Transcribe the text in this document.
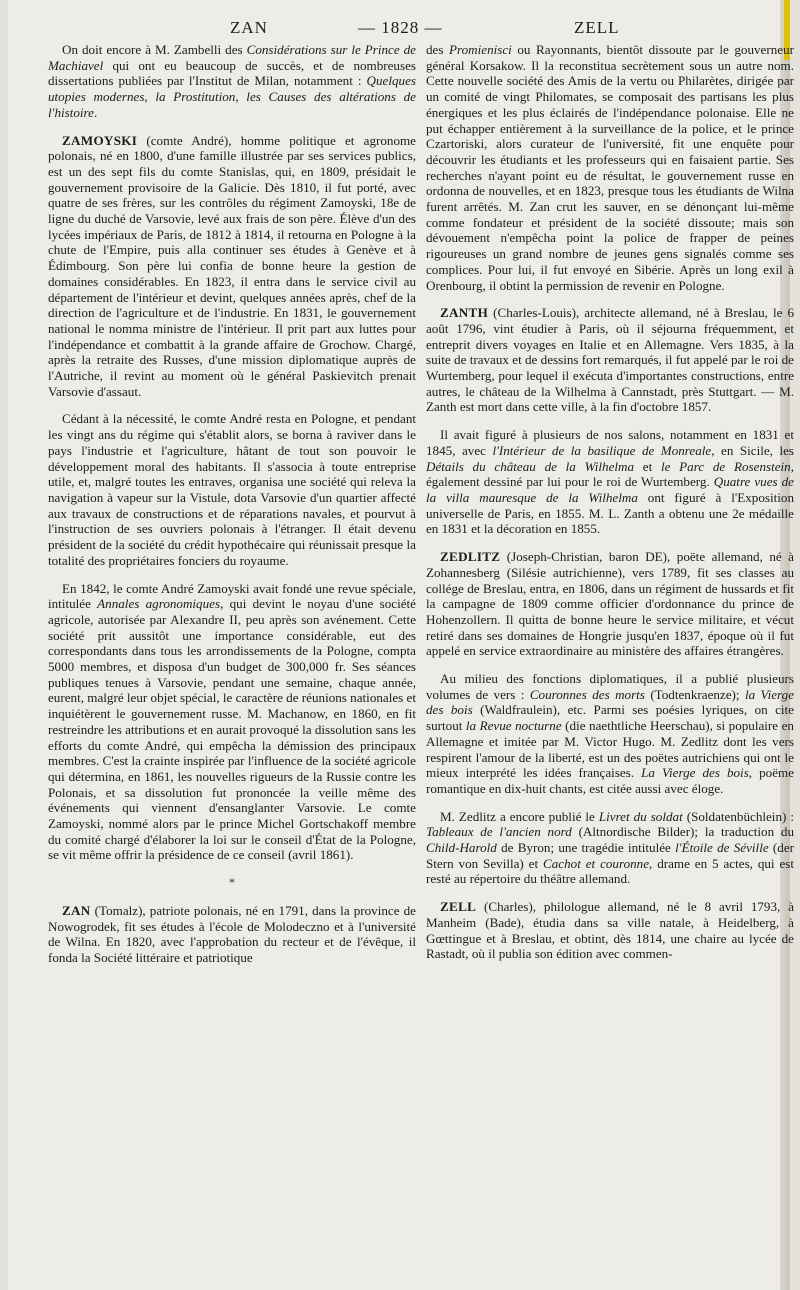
ZAN	— 1828 —	ZELL

On doit encore à M. Zambelli des Considérations sur le Prince de Machiavel qui ont eu beaucoup de succès, et de nombreuses dissertations publiées par l'Institut de Milan, notamment : Quelques utopies modernes, la Prostitution, les Causes des altérations de l'histoire.

ZAMOYSKI (comte André), homme politique et agronome polonais, né en 1800, d'une famille illustrée par ses services publics, est un des sept fils du comte Stanislas, qui, en 1809, présidait le gouvernement provisoire de la Galicie. Dès 1810, il fut porté, avec quatre de ses frères, sur les contrôles du régiment Zamoyski, 18e de ligne du duché de Varsovie, levé aux frais de son père. Élève d'un des lycées impériaux de Paris, de 1812 à 1814, il retourna en Pologne à la chute de l'Empire, puis alla continuer ses études à Genève et à Édimbourg. Son père lui confia de bonne heure la gestion de domaines considérables. En 1823, il entra dans le service civil au département de l'intérieur et devint, quelques années après, chef de la direction de l'agriculture et de l'industrie. En 1831, le gouvernement national le nomma ministre de l'intérieur. Il prit part aux luttes pour l'indépendance et combattit à la grande affaire de Grochow. Chargé, après la retraite des Russes, d'une mission diplomatique auprès de l'Autriche, il revint au moment où le général Paskievitch prenait Varsovie d'assaut.

Cédant à la nécessité, le comte André resta en Pologne, et pendant les vingt ans du régime qui s'établit alors, se borna à raviver dans le pays l'industrie et l'agriculture, hâtant de tout son pouvoir le développement moral des habitants. Il s'associa à toute entreprise utile, et, malgré toutes les entraves, organisa une société qui releva la navigation à vapeur sur la Vistule, dota Varsovie d'un quartier affecté aux travaux de constructions et de réparations navales, et pourvut à l'instruction de ses ouvriers polonais à l'étranger. Il était devenu président de la société du crédit hypothécaire qui réunissait presque la totalité des propriétaires fonciers du royaume.

En 1842, le comte André Zamoyski avait fondé une revue spéciale, intitulée Annales agronomiques, qui devint le noyau d'une société agricole, autorisée par Alexandre II, peu après son avénement. Cette société prit aussitôt une importance considérable, eut des correspondants dans tous les arrondissements de la Pologne, compta 5000 membres, et disposa d'un budget de 300,000 fr. Ses séances publiques tenues à Varsovie, pendant une semaine, chaque année, eurent, malgré leur objet spécial, le caractère de réunions nationales et inquiétèrent le gouvernement russe. M. Machanow, en 1860, en fit restreindre les attributions et en aurait provoqué la dissolution sans les efforts du comte André, qui empêcha la démission des principaux membres. C'est la crainte inspirée par l'influence de la société agricole qui détermina, en 1861, les nouvelles rigueurs de la Russie contre les Polonais, et sa dissolution fut prononcée la veille même des événements qui viennent d'ensanglanter Varsovie. Le comte Zamoyski, nommé alors par le prince Michel Gortschakoff membre du comité chargé d'élaborer la loi sur le conseil d'État de la Pologne, se vit même offrir la présidence de ce conseil (avril 1861).

*

ZAN (Tomalz), patriote polonais, né en 1791, dans la province de Nowogrodek, fit ses études à l'école de Molodeczno et à l'université de Wilna. En 1820, avec l'approbation du recteur et de l'évêque, il fonda la Société littéraire et patriotique

des Promienisci ou Rayonnants, bientôt dissoute par le gouverneur général Korsakow. Il la reconstitua secrètement sous un autre nom. Cette nouvelle société des Amis de la vertu ou Philarètes, dirigée par un comité de vingt Philomates, se composait des partisans les plus énergiques et les plus éclairés de l'indépendance polonaise. Elle ne put échapper entièrement à la surveillance de la police, et le prince Czartoriski, alors curateur de l'université, fit une enquête pour découvrir les étudiants et les professeurs qui en faisaient partie. Ses recherches n'ayant point eu de résultat, le gouvernement russe en ordonna de nouvelles, et en 1823, presque tous les étudiants de Wilna furent arrêtés. M. Zan crut les sauver, en se dénonçant lui-même comme fondateur et président de la société dissoute; mais son dévouement n'empêcha point la police de frapper de peines rigoureuses un grand nombre de jeunes gens signalés comme ses complices. Pour lui, il fut envoyé en Sibérie. Après un long exil à Orenbourg, il obtint la permission de revenir en Pologne.

ZANTH (Charles-Louis), architecte allemand, né à Breslau, le 6 août 1796, vint étudier à Paris, où il séjourna fréquemment, et entreprit divers voyages en Italie et en Allemagne. Vers 1835, à la suite de travaux et de dessins fort remarqués, il fut appelé par le roi de Wurtemberg, pour lequel il exécuta d'importantes constructions, entre autres, le château de la Wilhelma à Cannstadt, près Stuttgart. — M. Zanth est mort dans cette ville, à la fin d'octobre 1857.

Il avait figuré à plusieurs de nos salons, notamment en 1831 et 1845, avec l'Intérieur de la basilique de Monreale, en Sicile, les Détails du château de la Wilhelma et le Parc de Rosenstein, également dessiné par lui pour le roi de Wurtemberg. Quatre vues de la villa mauresque de la Wilhelma ont figuré à l'Exposition universelle de Paris, en 1855. M. L. Zanth a obtenu une 2e médaille en 1831 et la décoration en 1855.

ZEDLITZ (Joseph-Christian, baron DE), poëte allemand, né à Zohannesberg (Silésie autrichienne), vers 1789, fit ses classes au collége de Breslau, entra, en 1806, dans un régiment de hussards et fit la campagne de 1809 comme officier d'ordonnance du prince de Hohenzollern. Il quitta de bonne heure le service militaire, et vécut retiré dans ses domaines de Hongrie jusqu'en 1837, époque où il fut appelé en service extraordinaire au ministère des affaires étrangères.

Au milieu des fonctions diplomatiques, il a publié plusieurs volumes de vers : Couronnes des morts (Todtenkraenze); la Vierge des bois (Waldfraulein), etc. Parmi ses poésies lyriques, on cite surtout la Revue nocturne (die naethtliche Heerschau), si populaire en Allemagne et imitée par M. Victor Hugo. M. Zedlitz dont les vers respirent l'amour de la liberté, est un des poëtes autrichiens qui ont le mieux interprété les idées françaises. La Vierge des bois, poëme romantique en dix-huit chants, est citée aussi avec éloge.

M. Zedlitz a encore publié le Livret du soldat (Soldatenbüchlein) : Tableaux de l'ancien nord (Altnordische Bilder); la traduction du Child-Harold de Byron; une tragédie intitulée l'Étoile de Séville (der Stern von Sevilla) et Cachot et couronne, drame en 5 actes, qui est resté au répertoire du théâtre allemand.

ZELL (Charles), philologue allemand, né le 8 avril 1793, à Manheim (Bade), étudia dans sa ville natale, à Heidelberg, à Gœttingue et à Breslau, et obtint, dès 1814, une chaire au lycée de Rastadt, où il publia son édition avec commen-
